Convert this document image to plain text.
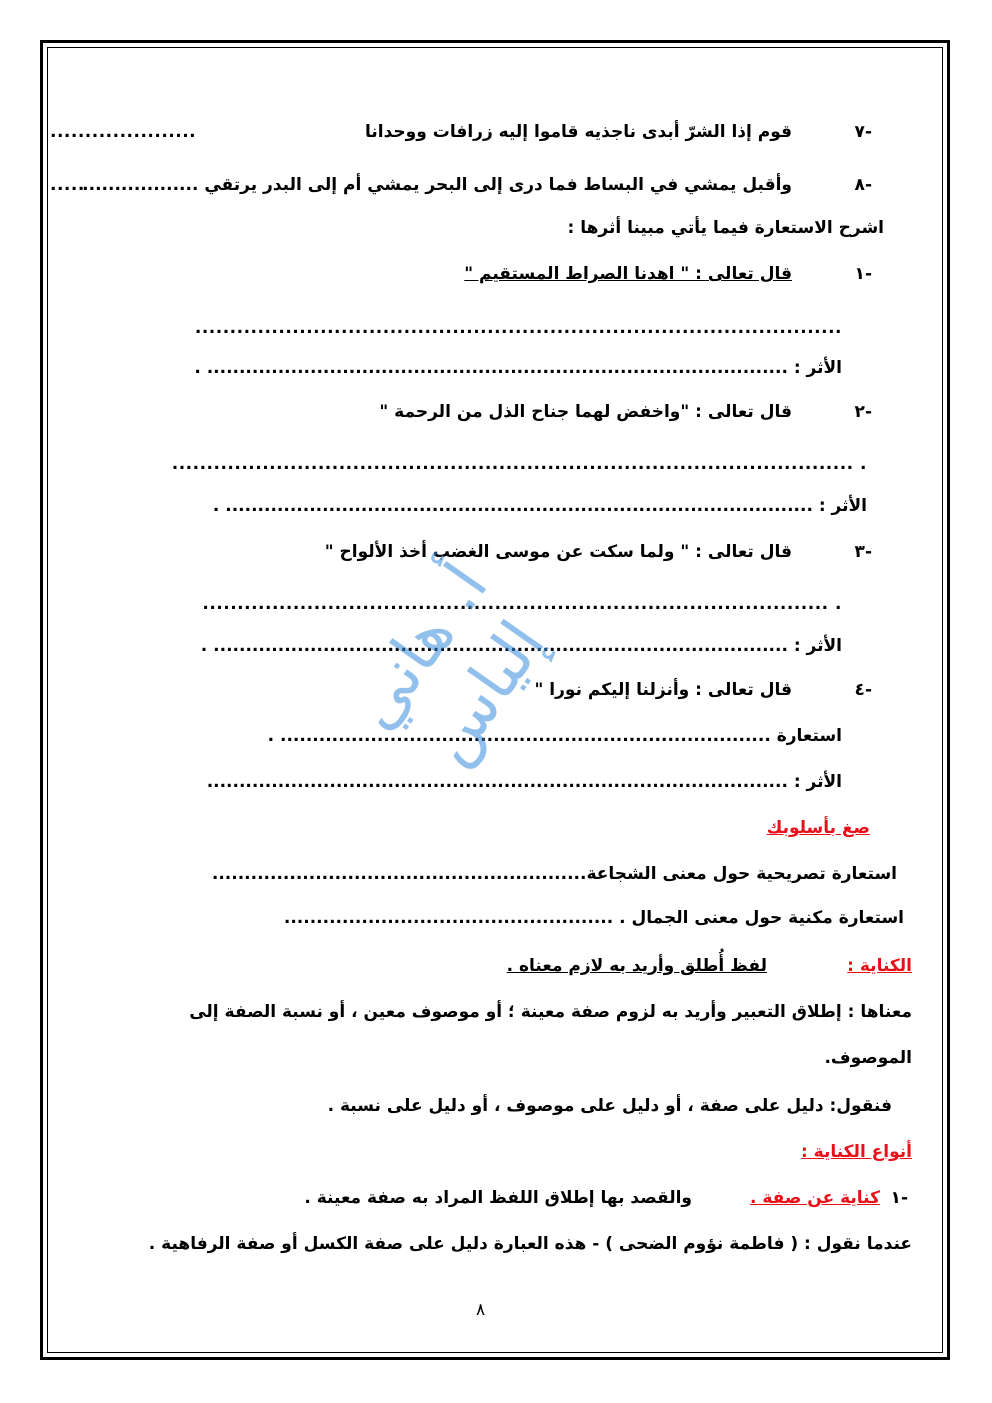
-٧
قوم إذا الشرّ أبدى ناجذيه قاموا إليه زرافات ووحدانا
.....................
-٨
وأقبل يمشي في البساط فما درى إلى البحر يمشي أم إلى البدر يرتقي ..................
.....
اشرح الاستعارة فيما يأتي مبينا أثرها :
-١
قال تعالى : " اهدنا الصراط المستقيم "
.............................................................................................
الأثر : .......................................................................................... .
-٢
قال تعالى : "واخفض لهما جناح الذل من الرحمة "
. ..................................................................................................
الأثر : ........................................................................................... .
-٣
قال تعالى : " ولما سكت عن موسى الغضب أخذ الألواح "
. ..........................................................................................
الأثر : ......................................................................................... .
-٤
قال تعالى : وأنزلنا إليكم نورا "
استعارة ............................................................................ .
الأثر : ..........................................................................................
صغ بأسلوبك
استعارة تصريحية حول معنى الشجاعة..........................................................
استعارة مكنية حول معنى الجمال . ...................................................
الكناية :
لفظ أُطلق وأريد به لازم معناه .
معناها : إطلاق التعبير وأريد به لزوم صفة معينة ؛ أو موصوف معين ، أو نسبة الصفة إلى
الموصوف.
فنقول: دليل على صفة ، أو دليل على موصوف ، أو دليل على نسبة .
أنواع الكناية :
-١
كناية عن صفة .
والقصد بها إطلاق اللفظ المراد به صفة معينة .
عندما نقول : ( فاطمة نؤوم الضحى ) - هذه العبارة دليل على صفة الكسل أو صفة الرفاهية .
أ. هاني إلياس
٨
